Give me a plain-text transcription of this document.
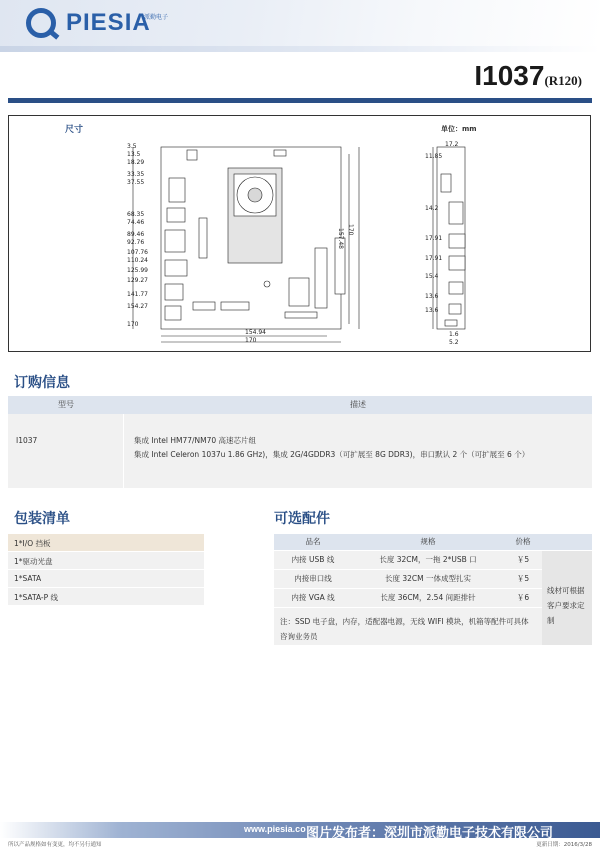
PIESIA
派勤电子
I1037(R120)
尺寸	单位：mm
3.5
13.5
18.29
33.35
37.55
68.35
74.46
89.46
92.76
107.76
110.24
125.99
129.27
141.77
154.27
170
154.94
170
157.48 170
17.2
11.85
14.2
17.91
17.91
15.4
13.6
13.6
1.6
5.2
订购信息
型号	描述
I1037	集成 Intel HM77/NM70 高速芯片组
集成 Intel Celeron 1037u 1.86 GHz)，集成 2G/4GDDR3（可扩展至 8G DDR3)，串口默认 2 个（可扩展至 6 个）
包装清单
1*I/O 挡板
1*驱动光盘
1*SATA
1*SATA-P 线
可选配件
品名	规格	价格
内接 USB 线	长度 32CM，一拖 2*USB 口	￥5
内接串口线	长度 32CM 一体成型扎实	￥5
内接 VGA 线	长度 36CM，2.54 间距排针	￥6
注：SSD 电子盘，内存，适配器电源，无线 WIFI 模块，机箱等配件可具体咨询业务员
线材可根据客户要求定制
www.piesia.co 图片发布者：深圳市派勤电子技术有限公司
所以产品规格如有变更，均不另行通知	更新日期：2016/3/28
